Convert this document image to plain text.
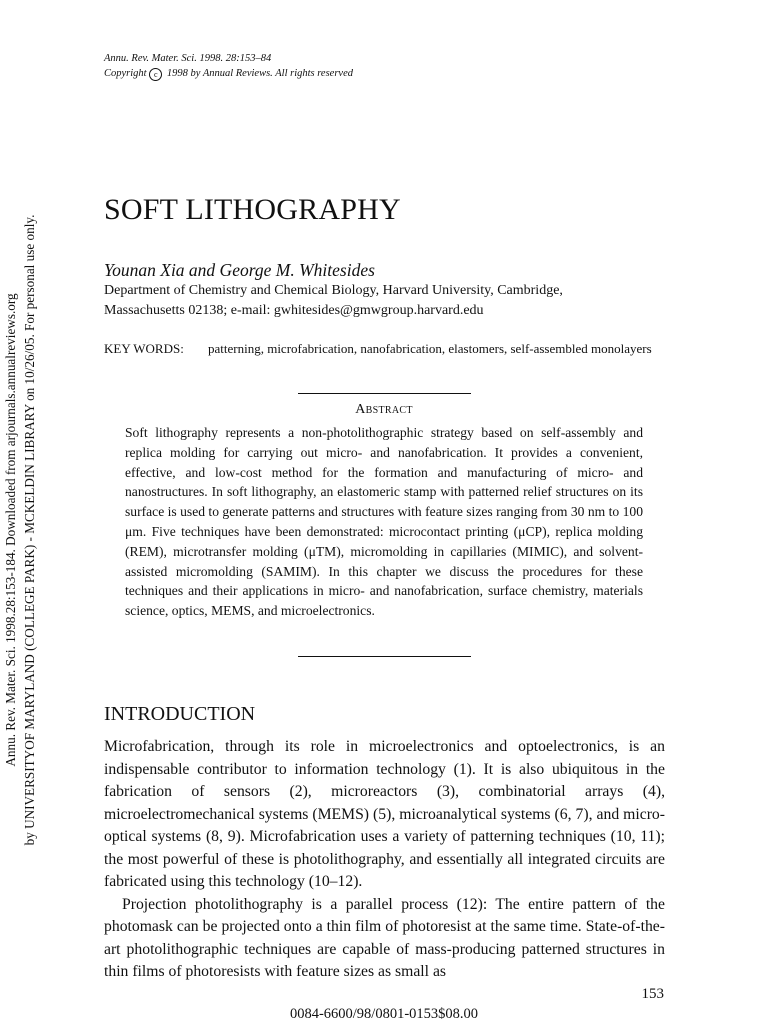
Annu. Rev. Mater. Sci. 1998.28:153-184. Downloaded from arjournals.annualreviews.org by UNIVERSITYOF MARYLAND (COLLEGE PARK) - MCKELDIN LIBRARY on 10/26/05. For personal use only.
Annu. Rev. Mater. Sci. 1998. 28:153–84
Copyright c 1998 by Annual Reviews. All rights reserved
SOFT LITHOGRAPHY
Younan Xia and George M. Whitesides
Department of Chemistry and Chemical Biology, Harvard University, Cambridge,
Massachusetts 02138; e-mail: gwhitesides@gmwgroup.harvard.edu
KEY WORDS:	patterning, microfabrication, nanofabrication, elastomers, self-assembled monolayers
Abstract
Soft lithography represents a non-photolithographic strategy based on self-assembly and replica molding for carrying out micro- and nanofabrication. It provides a convenient, effective, and low-cost method for the formation and manufacturing of micro- and nanostructures. In soft lithography, an elastomeric stamp with patterned relief structures on its surface is used to generate patterns and structures with feature sizes ranging from 30 nm to 100 μm. Five techniques have been demonstrated: microcontact printing (μCP), replica molding (REM), microtransfer molding (μTM), micromolding in capillaries (MIMIC), and solvent-assisted micromolding (SAMIM). In this chapter we discuss the procedures for these techniques and their applications in micro- and nanofabrication, surface chemistry, materials science, optics, MEMS, and microelectronics.
INTRODUCTION

Microfabrication, through its role in microelectronics and optoelectronics, is an indispensable contributor to information technology (1). It is also ubiquitous in the fabrication of sensors (2), microreactors (3), combinatorial arrays (4), microelectromechanical systems (MEMS) (5), microanalytical systems (6, 7), and micro-optical systems (8, 9). Microfabrication uses a variety of patterning techniques (10, 11); the most powerful of these is photolithography, and essentially all integrated circuits are fabricated using this technology (10–12).

Projection photolithography is a parallel process (12): The entire pattern of the photomask can be projected onto a thin film of photoresist at the same time. State-of-the-art photolithographic techniques are capable of mass-producing patterned structures in thin films of photoresists with feature sizes as small as

153
0084-6600/98/0801-0153$08.00
